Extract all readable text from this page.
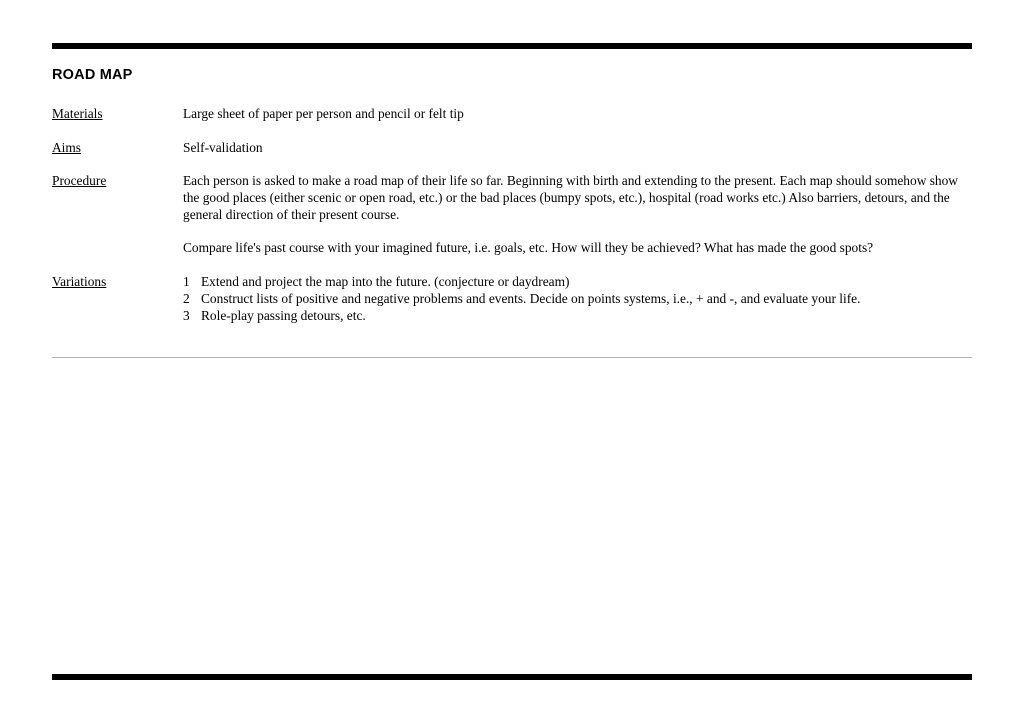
ROAD MAP
Materials	Large sheet of paper per person and pencil or felt tip
Aims	Self-validation
Procedure	Each person is asked to make a road map of their life so far. Beginning with birth and extending to the present. Each map should somehow show the good places (either scenic or open road, etc.) or the bad places (bumpy spots, etc.), hospital (road works etc.) Also barriers, detours, and the general direction of their present course.

Compare life's past course with your imagined future, i.e. goals, etc. How will they be achieved? What has made the good spots?

Variations	1 Extend and project the map into the future. (conjecture or daydream)
2 Construct lists of positive and negative problems and events. Decide on points systems, i.e., + and -, and evaluate your life.
3 Role-play passing detours, etc.
